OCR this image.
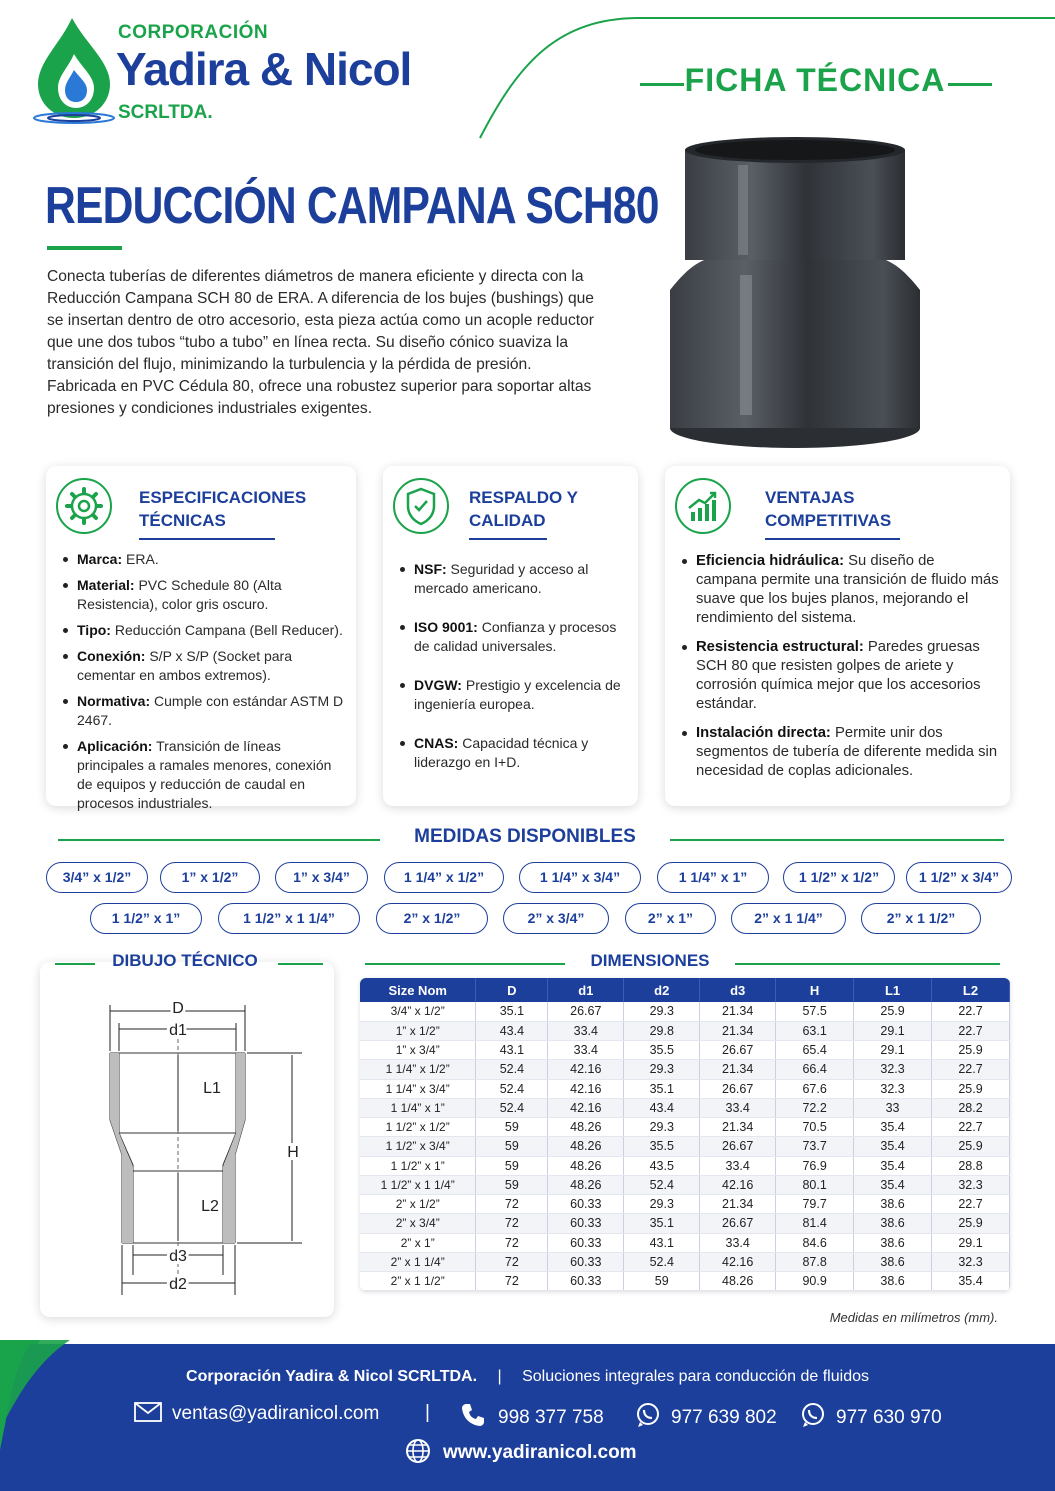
CORPORACIÓN
Yadira & Nicol
SCRLTDA.
FICHA TÉCNICA
REDUCCIÓN CAMPANA SCH80

Conecta tuberías de diferentes diámetros de manera eficiente y directa con la Reducción Campana SCH 80 de ERA. A diferencia de los bujes (bushings) que se insertan dentro de otro accesorio, esta pieza actúa como un acople reductor que une dos tubos “tubo a tubo” en línea recta. Su diseño cónico suaviza la transición del flujo, minimizando la turbulencia y la pérdida de presión. Fabricada en PVC Cédula 80, ofrece una robustez superior para soportar altas presiones y condiciones industriales exigentes.

ESPECIFICACIONES
TÉCNICAS
Marca: ERA.
Material: PVC Schedule 80 (Alta Resistencia), color gris oscuro.
Tipo: Reducción Campana (Bell Reducer).
Conexión: S/P x S/P (Socket para cementar en ambos extremos).
Normativa: Cumple con estándar ASTM D 2467.
Aplicación: Transición de líneas principales a ramales menores, conexión de equipos y reducción de caudal en procesos industriales.
RESPALDO Y
CALIDAD
NSF: Seguridad y acceso al mercado americano.
ISO 9001: Confianza y procesos de calidad universales.
DVGW: Prestigio y excelencia de ingeniería europea.
CNAS: Capacidad técnica y liderazgo en I+D.
VENTAJAS
COMPETITIVAS
Eficiencia hidráulica: Su diseño de campana permite una transición de fluido más suave que los bujes planos, mejorando el rendimiento del sistema.
Resistencia estructural: Paredes gruesas SCH 80 que resisten golpes de ariete y corrosión química mejor que los accesorios estándar.
Instalación directa: Permite unir dos segmentos de tubería de diferente medida sin necesidad de coplas adicionales.
MEDIDAS DISPONIBLES
3/4” x 1/2”	1” x 1/2”	1” x 3/4”	1 1/4” x 1/2”	1 1/4” x 3/4”	1 1/4” x 1”	1 1/2” x 1/2”	1 1/2” x 3/4”
1 1/2” x 1”	1 1/2” x 1 1/4”	2” x 1/2”	2” x 3/4”	2” x 1”	2” x 1 1/4”	2” x 1 1/2”
DIBUJO TÉCNICO
D
d1
L1
H
L2
d3
d2
DIMENSIONES
Size Nom	D	d1	d2	d3	H	L1	L2
3/4” x 1/2”	35.1	26.67	29.3	21.34	57.5	25.9	22.7
1” x 1/2”	43.4	33.4	29.8	21.34	63.1	29.1	22.7
1” x 3/4”	43.1	33.4	35.5	26.67	65.4	29.1	25.9
1 1/4” x 1/2”	52.4	42.16	29.3	21.34	66.4	32.3	22.7
1 1/4” x 3/4”	52.4	42.16	35.1	26.67	67.6	32.3	25.9
1 1/4” x 1”	52.4	42.16	43.4	33.4	72.2	33	28.2
1 1/2” x 1/2”	59	48.26	29.3	21.34	70.5	35.4	22.7
1 1/2” x 3/4”	59	48.26	35.5	26.67	73.7	35.4	25.9
1 1/2” x 1”	59	48.26	43.5	33.4	76.9	35.4	28.8
1 1/2” x 1 1/4”	59	48.26	52.4	42.16	80.1	35.4	32.3
2” x 1/2”	72	60.33	29.3	21.34	79.7	38.6	22.7
2” x 3/4”	72	60.33	35.1	26.67	81.4	38.6	25.9
2” x 1”	72	60.33	43.1	33.4	84.6	38.6	29.1
2” x 1 1/4”	72	60.33	52.4	42.16	87.8	38.6	32.3
2” x 1 1/2”	72	60.33	59	48.26	90.9	38.6	35.4
Medidas en milímetros (mm).
Corporación Yadira & Nicol SCRLTDA. | Soluciones integrales para conducción de fluidos
ventas@yadiranicol.com |	998 377 758	977 639 802	977 630 970
www.yadiranicol.com
